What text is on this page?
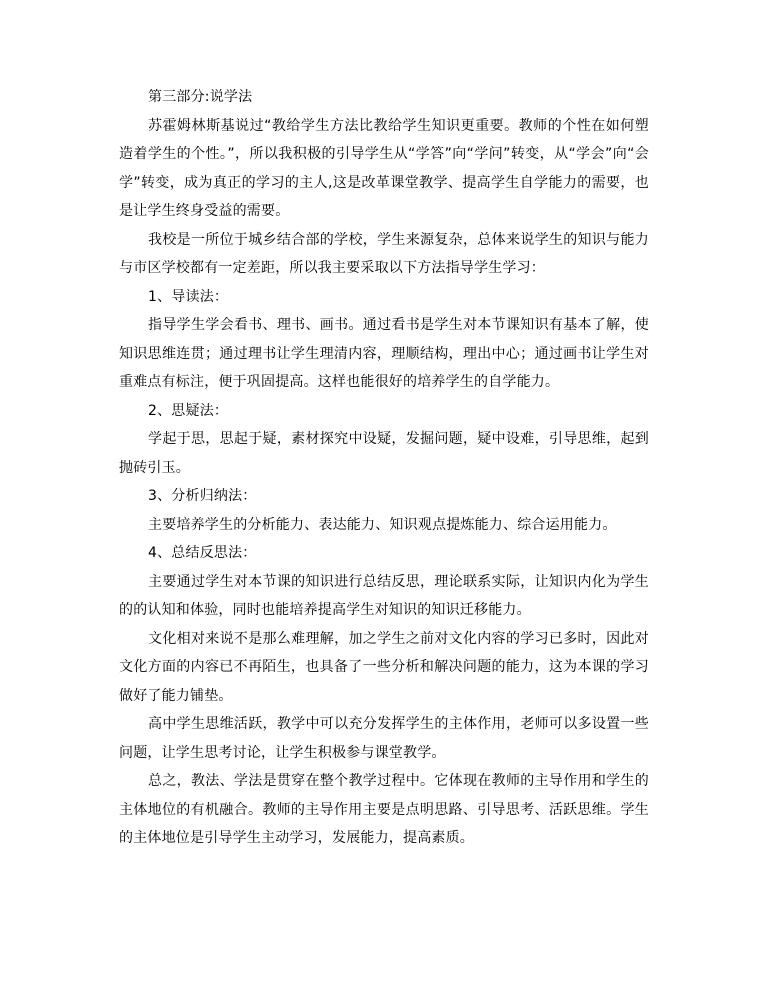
第三部分:说学法

苏霍姆林斯基说过“教给学生方法比教给学生知识更重要。教师的个性在如何塑造着学生的个性。”，所以我积极的引导学生从“学答”向“学问”转变，从“学会”向“会学”转变，成为真正的学习的主人,这是改革课堂教学、提高学生自学能力的需要，也是让学生终身受益的需要。

我校是一所位于城乡结合部的学校，学生来源复杂，总体来说学生的知识与能力与市区学校都有一定差距，所以我主要采取以下方法指导学生学习：

1、导读法：

指导学生学会看书、理书、画书。通过看书是学生对本节课知识有基本了解，使知识思维连贯；通过理书让学生理清内容，理顺结构，理出中心；通过画书让学生对重难点有标注，便于巩固提高。这样也能很好的培养学生的自学能力。

2、思疑法：

学起于思，思起于疑，素材探究中设疑，发掘问题，疑中设难，引导思维，起到抛砖引玉。

3、分析归纳法：

主要培养学生的分析能力、表达能力、知识观点提炼能力、综合运用能力。

4、总结反思法：

主要通过学生对本节课的知识进行总结反思，理论联系实际，让知识内化为学生的的认知和体验，同时也能培养提高学生对知识的知识迁移能力。

文化相对来说不是那么难理解，加之学生之前对文化内容的学习已多时，因此对文化方面的内容已不再陌生，也具备了一些分析和解决问题的能力，这为本课的学习做好了能力铺垫。

高中学生思维活跃，教学中可以充分发挥学生的主体作用，老师可以多设置一些问题，让学生思考讨论，让学生积极参与课堂教学。

总之，教法、学法是贯穿在整个教学过程中。它体现在教师的主导作用和学生的主体地位的有机融合。教师的主导作用主要是点明思路、引导思考、活跃思维。学生的主体地位是引导学生主动学习，发展能力，提高素质。
